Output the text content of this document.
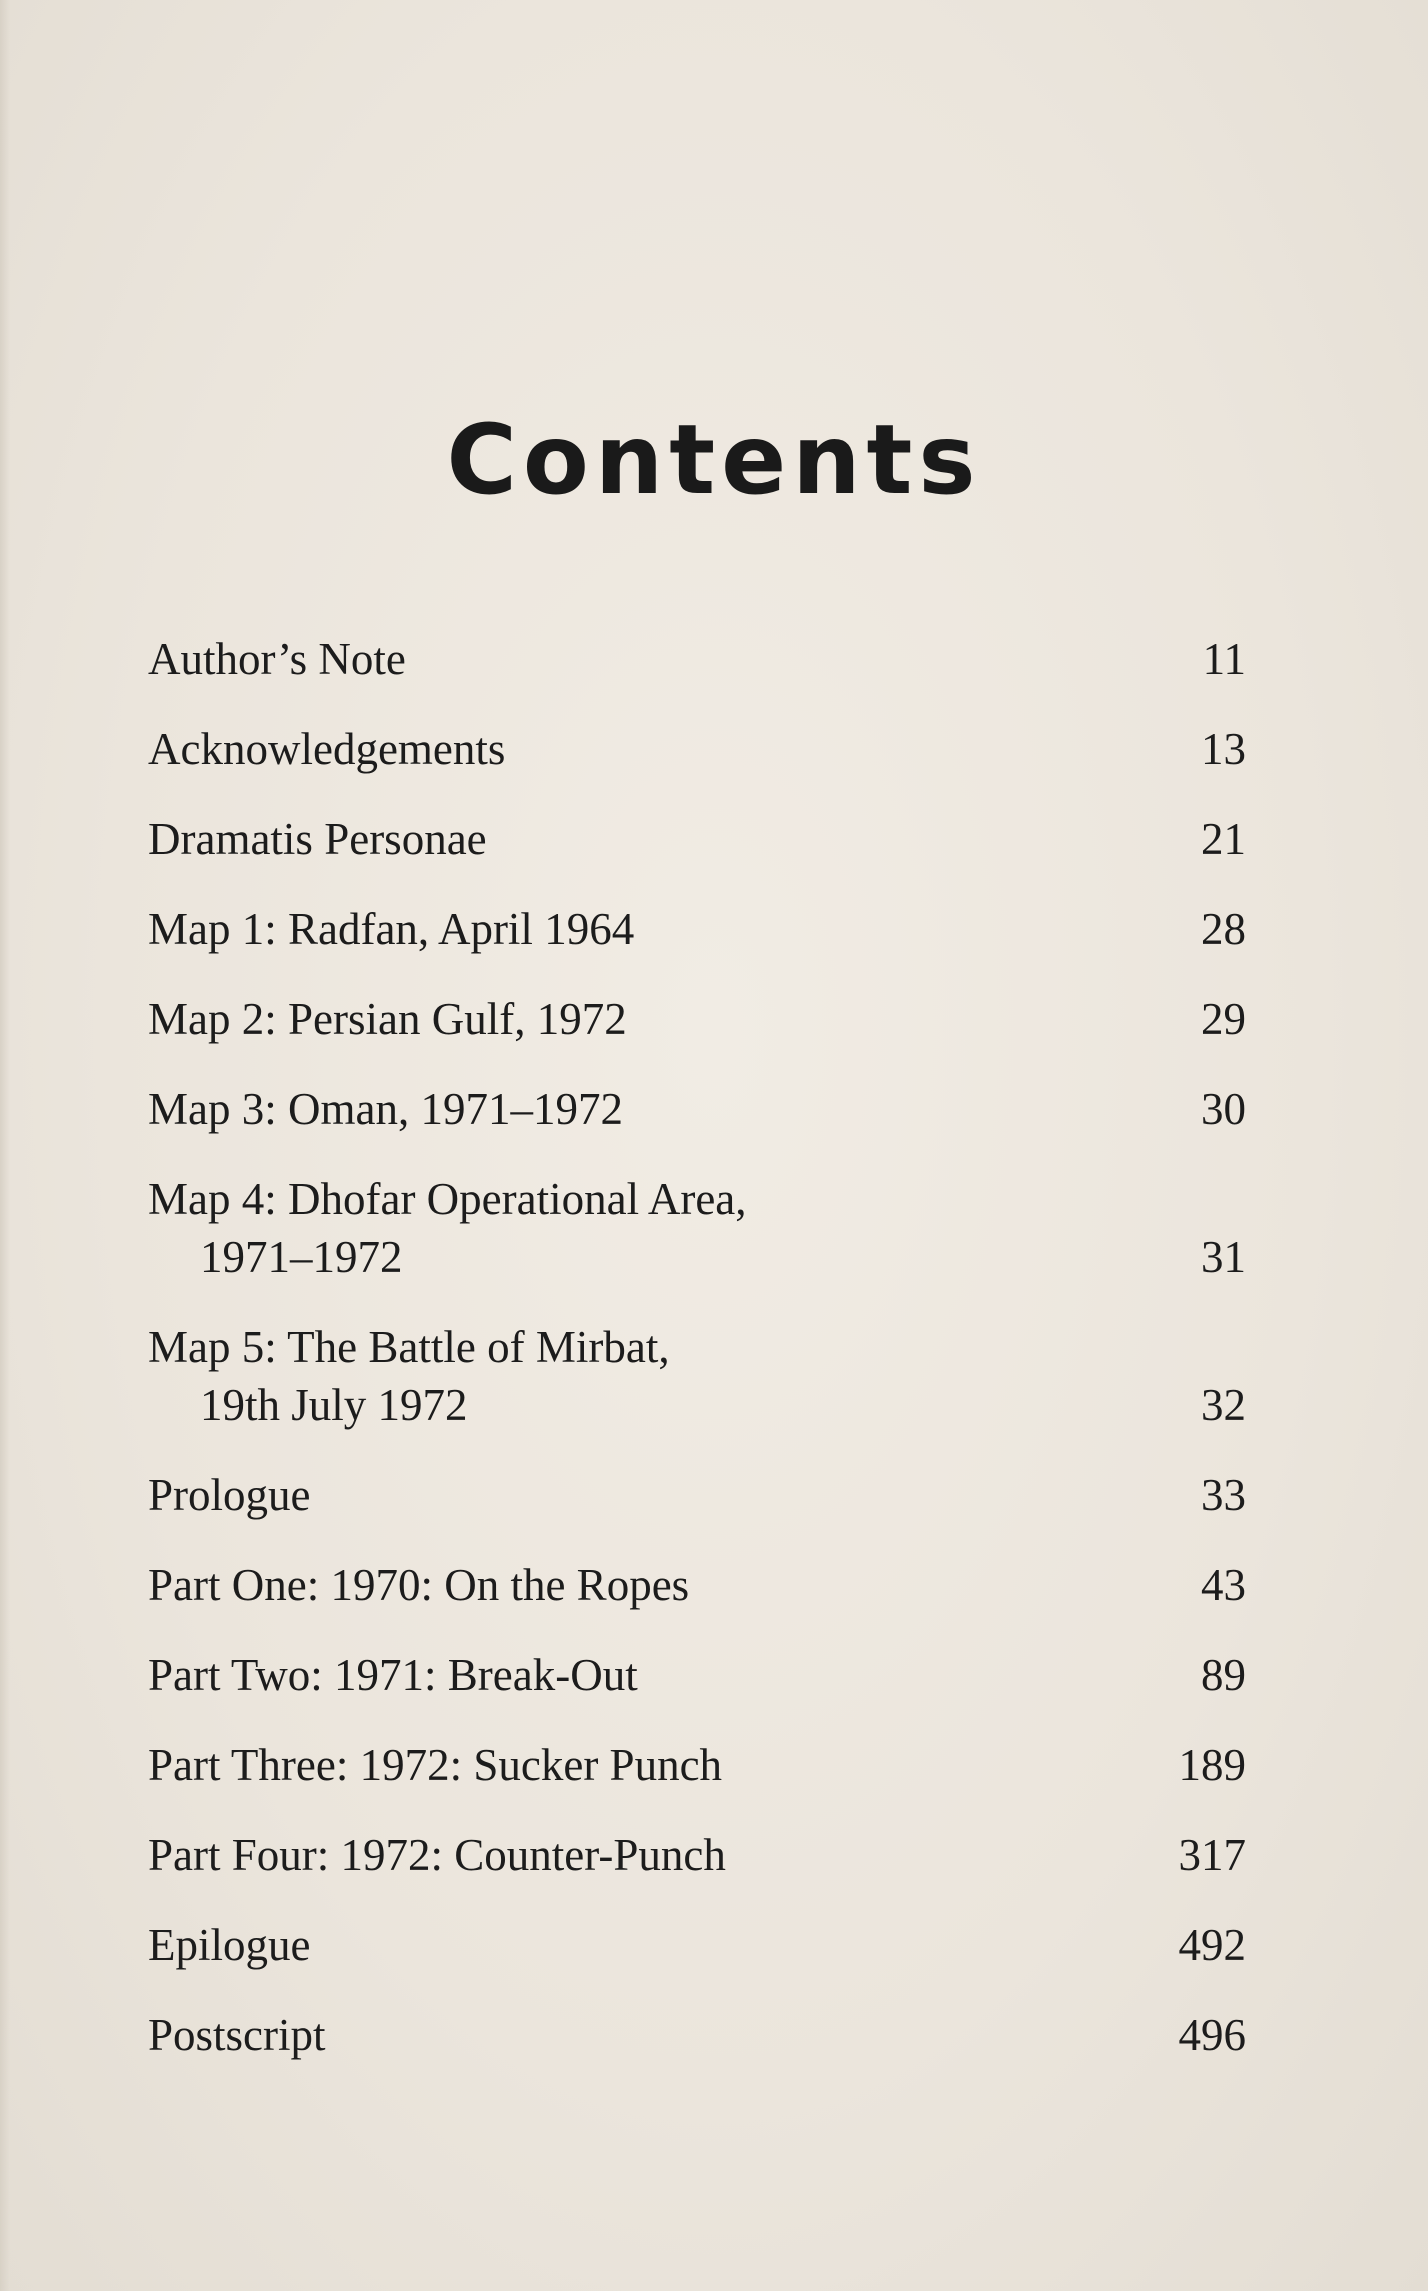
Contents
Author’s Note	11
Acknowledgements	13
Dramatis Personae	21
Map 1: Radfan, April 1964	28
Map 2: Persian Gulf, 1972	29
Map 3: Oman, 1971–1972	30
Map 4: Dhofar Operational Area,
1971–1972	31
Map 5: The Battle of Mirbat,
19th July 1972	32
Prologue	33
Part One: 1970: On the Ropes	43
Part Two: 1971: Break-Out	89
Part Three: 1972: Sucker Punch	189
Part Four: 1972: Counter-Punch	317
Epilogue	492
Postscript	496
